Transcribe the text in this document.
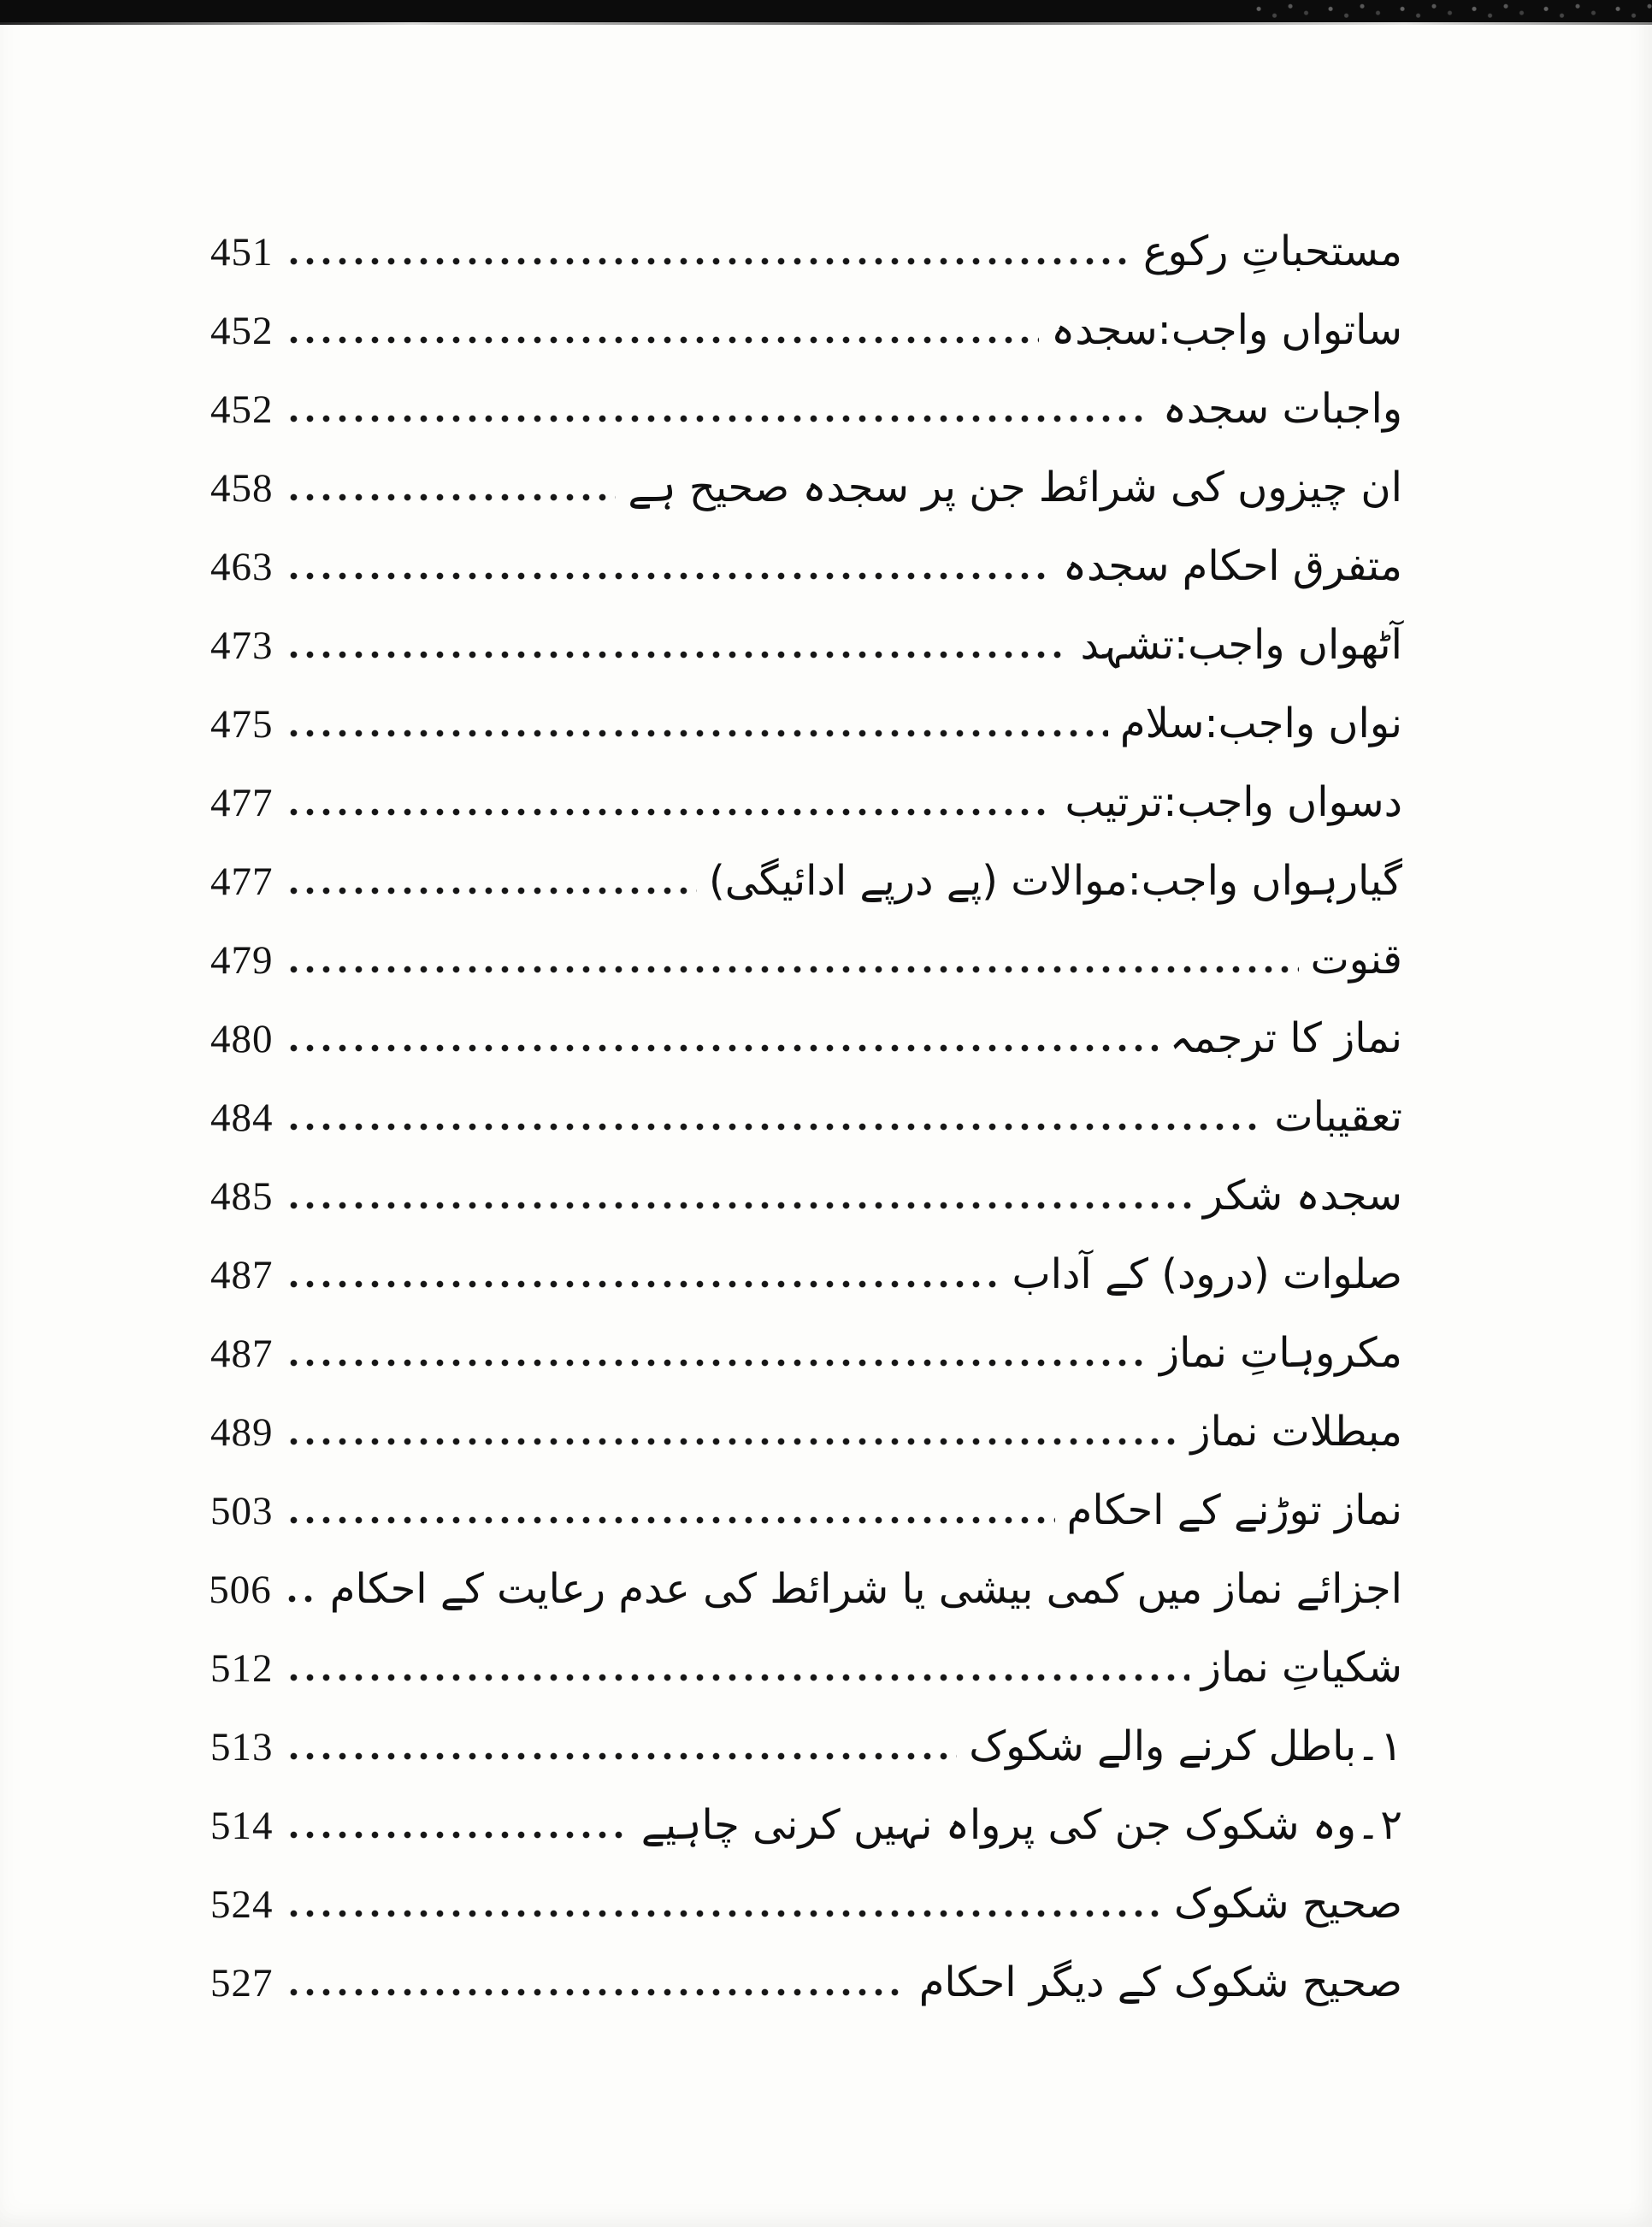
مستحباتِ رکوع
451
ساتواں واجب:سجدہ
452
واجبات سجدہ
452
ان چیزوں کی شرائط جن پر سجدہ صحیح ہے
458
متفرق احکام سجدہ
463
آٹھواں واجب:تشہد
473
نواں واجب:سلام
475
دسواں واجب:ترتیب
477
گیارہواں واجب:موالات (پے درپے ادائیگی)
477
قنوت
479
نماز کا ترجمہ
480
تعقیبات
484
سجدہ شکر
485
صلوات (درود) کے آداب
487
مکروہاتِ نماز
487
مبطلات نماز
489
نماز توڑنے کے احکام
503
اجزائے نماز میں کمی بیشی یا شرائط کی عدم رعایت کے احکام
506
شکیاتِ نماز
512
۱۔باطل کرنے والے شکوک
513
۲۔وہ شکوک جن کی پرواہ نہیں کرنی چاہیے
514
صحیح شکوک
524
صحیح شکوک کے دیگر احکام
527
